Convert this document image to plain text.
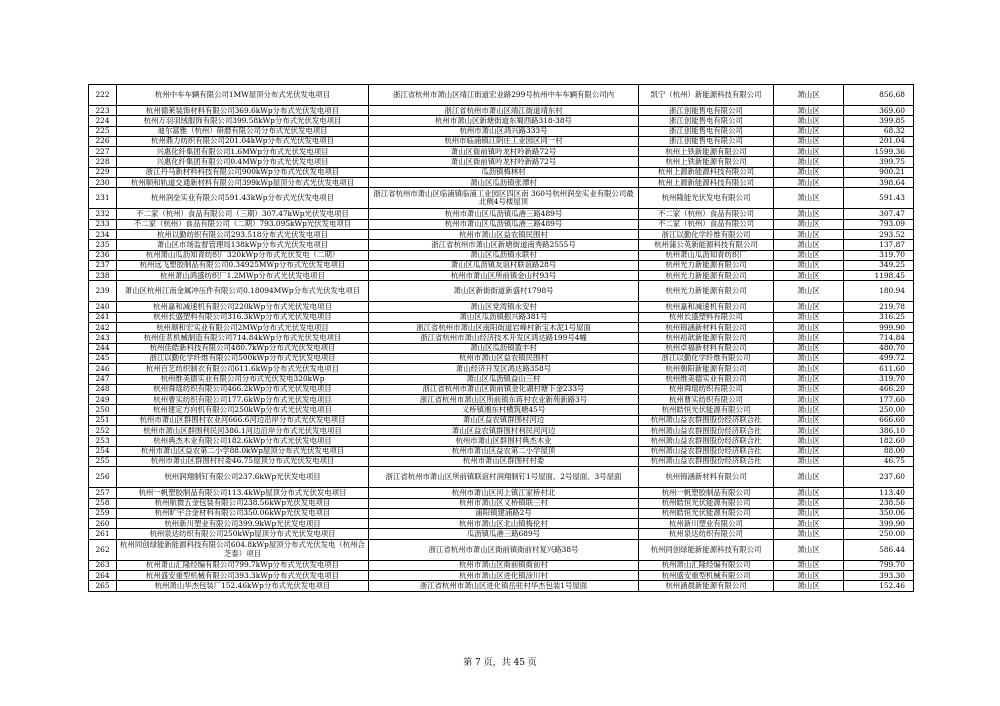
222	杭州中车车辆有限公司1MW屋顶分布式光伏发电项目	浙江省杭州市萧山区靖江街道宏业路299号杭州中车车辆有限公司内	凯宁（杭州）新能源科技有限公司	萧山区	856.68
223	杭州德莱装饰材料有限公司369.6kWp分布式光伏发电项目	浙江省杭州市萧山区靖江街道靖东村	浙江创能售电有限公司	萧山区	369.60
224	杭州万羽羽绒服饰有限公司399.58kWp分布式光伏发电项目	杭州市萧山区新塘街道东蜀西路318-38号	浙江创能售电有限公司	萧山区	399.85
225	迪尔富雅（杭州）研磨有限公司分布式光伏发电项目	杭州市萧山区鸿兴路333号	浙江创能售电有限公司	萧山区	68.32
226	杭州鼎力纺织有限公司201.04kWp分布式光伏发电项目	杭州市临浦镇江阴庄工业园区同一村	浙江创能售电有限公司	萧山区	201.04
227	兴惠化纤集团有限公司1.6MWp分布式光伏发电项目	萧山区衙前镇吟龙村吟新路72号	杭州上铁新能源有限公司	萧山区	1599.36
228	兴惠化纤集团有限公司0.4MWp分布式光伏发电项目	萧山区衙前镇吟龙村吟新路72号	杭州上铁新能源有限公司	萧山区	399.75
229	浙江丹马新材料科技有限公司900kWp分布式光伏发电项目	瓜沥镇梅林村	杭州上源新能源科技有限公司	萧山区	900.21
230	杭州顺和轨道交通新材料有限公司399kWp屋顶分布式光伏发电项目	萧山区瓜沥镇张潭村	杭州上源新能源科技有限公司	萧山区	398.64
231	杭州润垒实业有限公司591.43kWp分布式光伏发电项目	浙江省杭州市萧山区临浦镇临浦工业园区四区南 360号杭州润垒实业有限公司最北侧4号楼屋顶	杭州隆能光伏发电有限公司	萧山区	591.43
232	不二家（杭州）食品有限公司（三期）307.47kWp光伏发电项目	杭州市萧山区瓜沥镇瓜港三路489号	不二家（杭州）食品有限公司	萧山区	307.47
233	不二家（杭州）食品有限公司（二期）793.095kWp光伏发电项目	杭州市萧山区瓜沥镇瓜港三路489号	不二家（杭州）食品有限公司	萧山区	793.09
234	杭州以勤纺织有限公司293.518分布式光伏发电项目	杭州市萧山区益农镇民围村	浙江以勤化学纤维有限公司	萧山区	293.52
235	萧山区市场监督管理局138kWp分布式光伏发电项目	浙江省杭州市萧山区新塘街道南秀路2555号	杭州蒲公英新能源科技有限公司	萧山区	137.87
236	杭州萧山瓜沥知青纺织厂320kWp分布式光伏发电（二期）	萧山区瓜沥镇永联村	杭州萧山瓜沥知青纺织厂	萧山区	319.70
237	杭州远飞塑胶制品有限公司0.34925MWp分布式光伏发电项目	萧山区瓜沥镇友谊村联谊路28号	杭州光力新能源有限公司	萧山区	349.25
238	杭州萧山鸿盛纺织厂1.2MWp分布式光伏发电项目	杭州市萧山区所前镇金山村93号	杭州光力新能源有限公司	萧山区	1198.45
239	萧山区杭州江南金属冲压件有限公司0.18094MWp分布式光伏发电项目	萧山区新街街道新盛村1798号	杭州光力新能源有限公司	萧山区	180.94
240	杭州嘉和减速机有限公司220kWp分布式光伏发电项目	萧山区党湾镇永安村	杭州嘉和减速机有限公司	萧山区	219.78
241	杭州长盛塑料有限公司316.3kWp分布式光伏发电项目	萧山区瓜沥镇振兴路381号	杭州长盛塑料有限公司	萧山区	316.25
242	杭州顺和宏实业有限公司2MWp分布式光伏发电项目	浙江省杭州市萧山区南阳街道岩峰村新宝木泥1号屋面	杭州锦涵新材料有限公司	萧山区	999.90
243	杭州佳茗机械制造有限公司714.84kWp分布式光伏发电项目	浙江省杭州市萧山经济技术开发区鸿达路199号4幢	杭州裕歆新能源有限公司	萧山区	714.84
244	杭州佳皓新科技有限公司480.7kWp分布式光伏发电项目	萧山区瓜沥镇盈丰村	杭州卓福新材料有限公司	萧山区	480.70
245	浙江以勤化学纤维有限公司500kWp分布式光伏发电项目	杭州市萧山区益农镇民围村	浙江以勤化学纤维有限公司	萧山区	499.72
246	杭州百艺纺织制衣有限公司611.6kWp分布式光伏发电项目	萧山经济开发区鸿达路358号	杭州朝阳新能源有限公司	萧山区	611.60
247	杭州维美德实业有限公司分布式光伏发电320kWp	萧山区瓜沥镇益山三村	杭州维美德实业有限公司	萧山区	319.70
248	杭州舜瑶纺织有限公司466.2kWp分布式光伏发电项目	浙江省杭州市萧山区衙前镇金化湖村塘下金233号	杭州舜瑶纺织有限公司	萧山区	466.20
249	杭州曹实纺织有限公司177.6kWp分布式光伏发电项目	浙江省杭州市萧山区所前镇东蒋村农业新苑新路3号	杭州曹实纺织有限公司	萧山区	177.60
250	杭州建定方向机有限公司250kWp分布式光伏发电项目	义桥镇湘东村横筑塘45号	杭州皓恒光伏能源有限公司	萧山区	250.00
251	杭州市萧山区群围村农业河666.6河边沿岸分布式光伏发电项目	萧山区益农镇群围村河边	杭州萧山益农群围股份经济联合社	萧山区	666.60
252	杭州市萧山区群围利民河386.1河边沿岸分布式光伏发电项目	萧山区益农镇群围村利民河河边	杭州萧山益农群围股份经济联合社	萧山区	386.10
253	杭州典杰木业有限公司182.6kWp分布式光伏发电项目	杭州市萧山区群围村典杰木业	杭州萧山益农群围股份经济联合社	萧山区	182.60
254	杭州市萧山区益农第二小学88.0kWp屋顶分布式光伏发电项目	杭州市萧山区益农第二小学屋顶	杭州萧山益农群围股份经济联合社	萧山区	88.00
255	杭州市萧山区群围村村委46.75屋顶分布式光伏发电项目	杭州市萧山区群围村村委	杭州萧山益农群围股份经济联合社	萧山区	46.75
256	杭州润翔制钉有限公司237.6kWp光伏发电项目	浙江省杭州市萧山区所前镇联谊村润翔制钉1号屋面、2号屋面、3号屋面	杭州锦涵新材料有限公司	萧山区	237.60
257	杭州一帆塑胶制品有限公司113.4kWp屋顶分布式光伏发电项目	杭州市萧山区河上镇江家桥村北	杭州一帆塑胶制品有限公司	萧山区	113.40
258	杭州航微五金包装有限公司238.56kWp光伏发电项目	杭州市萧山区义桥镇联三村	杭州皓恒光伏能源有限公司	萧山区	238.56
259	杭州旷宇合金材料有限公司350.06kWp光伏发电项目	浦阳镇建浦路2号	杭州皓恒光伏能源有限公司	萧山区	350.06
260	杭州新川塑业有限公司399.9kWp光伏发电项目	杭州市萧山区北山镇梅伦村	杭州新川塑业有限公司	萧山区	399.90
261	杭州泉达纺织有限公司250kWp屋顶分布式光伏发电项目	瓜沥镇瓜港三路689号	杭州泉达纺织有限公司	萧山区	250.00
262	杭州同创绿能新能源科技有限公司604.8kWp屋顶分布式光伏发电（杭州合芝泰）项目	浙江省杭州市萧山区衙前镇衙前村复兴路38号	杭州同创绿能新能源科技有限公司	萧山区	586.44
263	杭州萧山汇隆经编有限公司799.7kWp分布式光伏发电项目	杭州市萧山区衙前镇衙前村	杭州萧山汇隆经编有限公司	萧山区	799.70
264	杭州盛安重型机械有限公司393.3kWp分布式光伏发电项目	杭州市萧山区进化镇涂川村	杭州盛安重型机械有限公司	萧山区	393.30
265	杭州萧山华杰包装厂152.46kWp分布式光伏发电项目	浙江省杭州市萧山区进化镇岳驻村华杰包装1号屋面	杭州涵晨新能源有限公司	萧山区	152.46
第 7 页，共 45 页
